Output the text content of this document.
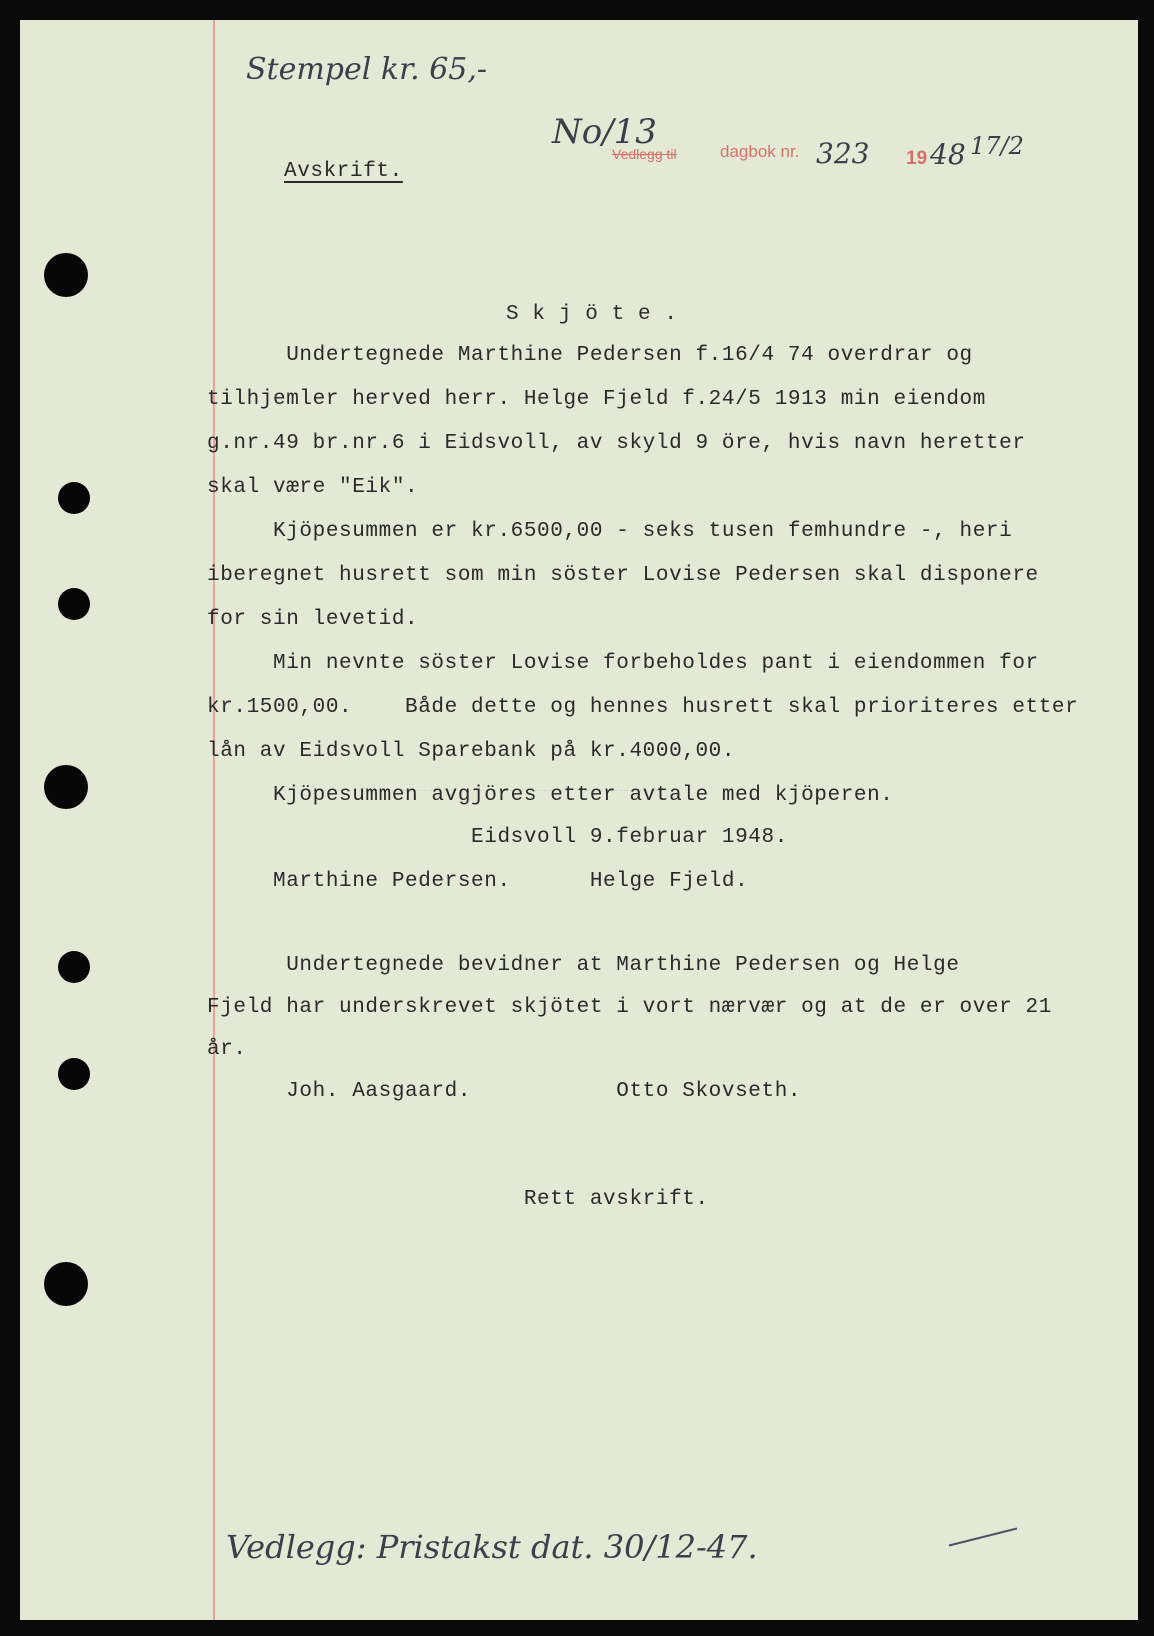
Stempel kr. 65,-
No/13
Vedlegg til	dagbok nr. 323 19 48 17/2
Avskrift.
S k j ö t e .
Undertegnede Marthine Pedersen f.16/4 74 overdrar og
tilhjemler herved herr. Helge Fjeld f.24/5 1913 min eiendom
g.nr.49 br.nr.6 i Eidsvoll, av skyld 9 öre, hvis navn heretter
skal være "Eik".
Kjöpesummen er kr.6500,00 - seks tusen femhundre -, heri
iberegnet husrett som min söster Lovise Pedersen skal disponere
for sin levetid.
Min nevnte söster Lovise forbeholdes pant i eiendommen for
kr.1500,00.    Både dette og hennes husrett skal prioriteres etter
lån av Eidsvoll Sparebank på kr.4000,00.
Kjöpesummen avgjöres etter avtale med kjöperen.
Eidsvoll 9.februar 1948.
Marthine Pedersen.      Helge Fjeld.
Undertegnede bevidner at Marthine Pedersen og Helge
Fjeld har underskrevet skjötet i vort nærvær og at de er over 21
år.
Joh. Aasgaard.           Otto Skovseth.
Rett avskrift.
Vedlegg: Pristakst dat. 30/12-47.
